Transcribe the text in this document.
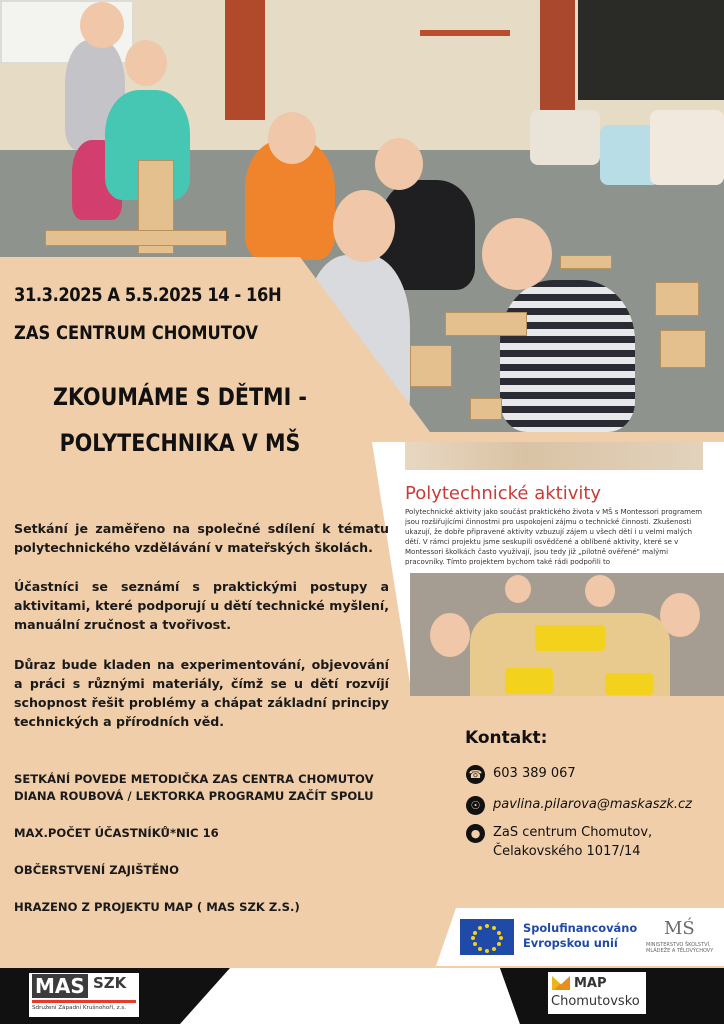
Polytechnické aktivity
Polytechnické aktivity jako součást praktického života v MŠ s Montessori programem jsou rozšiřujícími činnostmi pro uspokojení zájmu o technické činnosti. Zkušenosti ukazují, že dobře připravené aktivity vzbuzují zájem u všech dětí i u velmi malých dětí. V rámci projektu jsme seskupili osvědčené a oblíbené aktivity, které se v Montessori školkách často využívají, jsou tedy již „pilotně ověřené" malými pracovníky. Tímto projektem bychom také rádi podpořili to
31.3.2025 A 5.5.2025 14 - 16H
ZAS CENTRUM CHOMUTOV
ZKOUMÁME S DĚTMI -
POLYTECHNIKA V MŠ
Setkání je zaměřeno na společné sdílení k tématu polytechnického vzdělávání v mateřských školách.
Účastníci se seznámí s praktickými postupy a aktivitami, které podporují u dětí technické myšlení, manuální zručnost a tvořivost.
Důraz bude kladen na experimentování, objevování a práci s různými materiály, čímž se u dětí rozvíjí schopnost řešit problémy a chápat základní principy technických a přírodních věd.
SETKÁNÍ POVEDE METODIČKA ZAS CENTRA CHOMUTOV
DIANA ROUBOVÁ / LEKTORKA PROGRAMU ZAČÍT SPOLU
MAX.POČET ÚČASTNÍKŮ*NIC 16
OBČERSTVENÍ ZAJIŠTĚNO
HRAZENO Z PROJEKTU MAP ( MAS SZK Z.S.)
Kontakt:
☎ 603 389 067
☉ pavlina.pilarova@maskaszk.cz
● ZaS centrum Chomutov,
Čelakovského 1017/14
Spolufinancováno
Evropskou unií
MŚ
MINISTERSTVO ŠKOLSTVÍ, MLÁDEŽE A TĚLOVÝCHOVY
MAS SZK
Sdružení Západní Krušnohoří, z.s.
MAP
Chomutovsko
